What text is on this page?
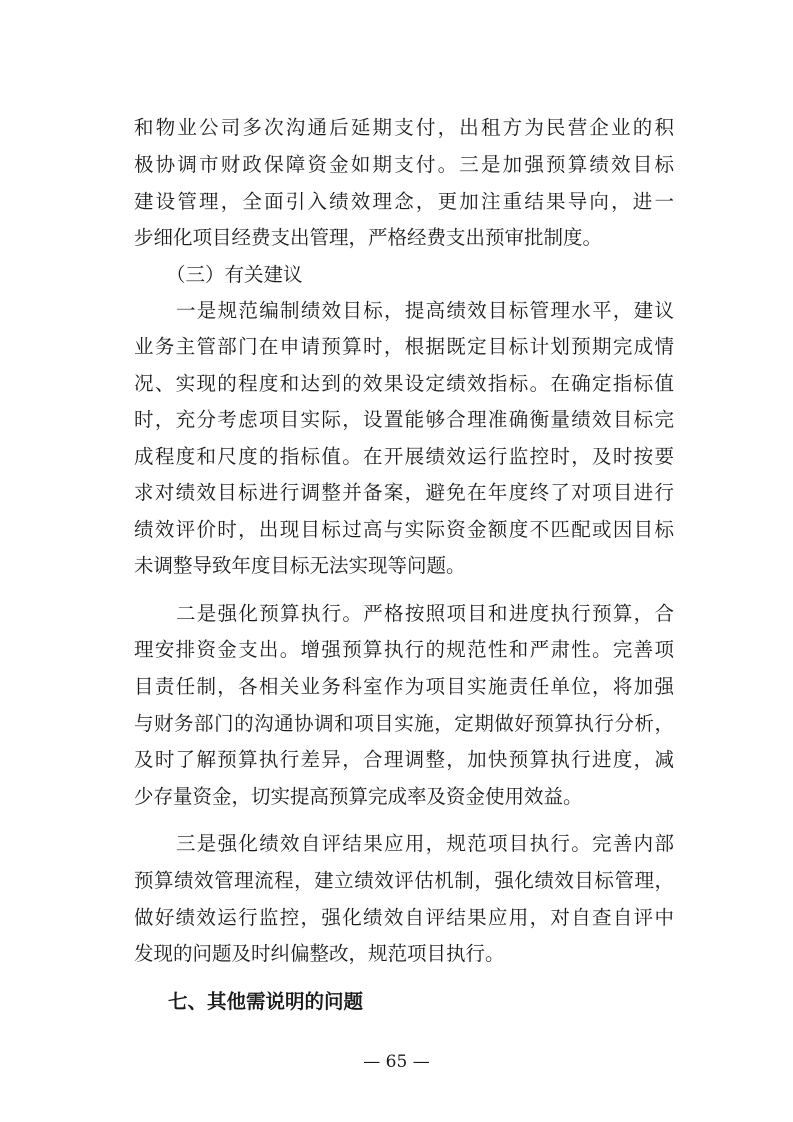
和物业公司多次沟通后延期支付，出租方为民营企业的积
极协调市财政保障资金如期支付。三是加强预算绩效目标
建设管理，全面引入绩效理念，更加注重结果导向，进一
步细化项目经费支出管理，严格经费支出预审批制度。
（三）有关建议
一是规范编制绩效目标，提高绩效目标管理水平，建议
业务主管部门在申请预算时，根据既定目标计划预期完成情
况、实现的程度和达到的效果设定绩效指标。在确定指标值
时，充分考虑项目实际，设置能够合理准确衡量绩效目标完
成程度和尺度的指标值。在开展绩效运行监控时，及时按要
求对绩效目标进行调整并备案，避免在年度终了对项目进行
绩效评价时，出现目标过高与实际资金额度不匹配或因目标
未调整导致年度目标无法实现等问题。
二是强化预算执行。严格按照项目和进度执行预算，合
理安排资金支出。增强预算执行的规范性和严肃性。完善项
目责任制，各相关业务科室作为项目实施责任单位，将加强
与财务部门的沟通协调和项目实施，定期做好预算执行分析，
及时了解预算执行差异，合理调整，加快预算执行进度，减
少存量资金，切实提高预算完成率及资金使用效益。
三是强化绩效自评结果应用，规范项目执行。完善内部
预算绩效管理流程，建立绩效评估机制，强化绩效目标管理，
做好绩效运行监控，强化绩效自评结果应用，对自查自评中
发现的问题及时纠偏整改，规范项目执行。
七、其他需说明的问题
— 65 —
